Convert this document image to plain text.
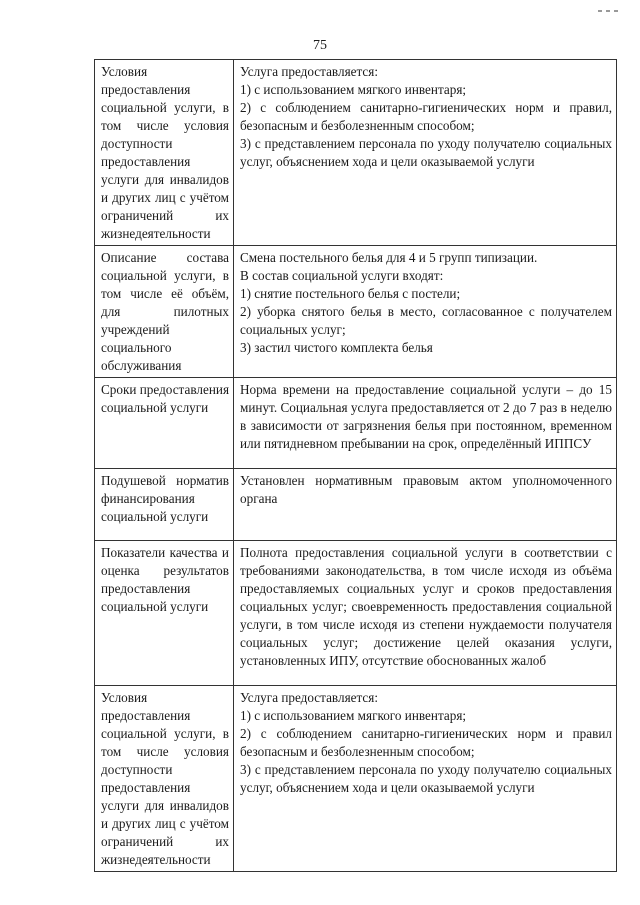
75
Условия предоставления социальной услуги, в том числе условия доступности предоставления услуги для инвалидов и других лиц с учётом ограничений их жизнедеятельности	Услуга предоставляется:
1) с использованием мягкого инвентаря;
2) с соблюдением санитарно-гигиенических норм и правил, безопасным и безболезненным способом;
3) с представлением персонала по уходу получателю социальных услуг, объяснением хода и цели оказываемой услуги

Описание состава социальной услуги, в том числе её объём, для пилотных учреждений социального обслуживания	Смена постельного белья для 4 и 5 групп типизации.
В состав социальной услуги входят:
1) снятие постельного белья с постели;
2) уборка снятого белья в место, согласованное с получателем социальных услуг;
3) застил чистого комплекта белья

Сроки предоставления социальной услуги	Норма времени на предоставление социальной услуги – до 15 минут. Социальная услуга предоставляется от 2 до 7 раз в неделю в зависимости от загрязнения белья при постоянном, временном или пятидневном пребывании на срок, определённый ИППСУ

Подушевой норматив финансирования социальной услуги	Установлен нормативным правовым актом уполномоченного органа

Показатели качества и оценка результатов предоставления социальной услуги	Полнота предоставления социальной услуги в соответствии с требованиями законодательства, в том числе исходя из объёма предоставляемых социальных услуг и сроков предоставления социальных услуг; своевременность предоставления социальной услуги, в том числе исходя из степени нуждаемости получателя социальных услуг; достижение целей оказания услуги, установленных ИПУ, отсутствие обоснованных жалоб

Условия предоставления социальной услуги, в том числе условия доступности предоставления услуги для инвалидов и других лиц с учётом ограничений их жизнедеятельности	Услуга предоставляется:
1) с использованием мягкого инвентаря;
2) с соблюдением санитарно-гигиенических норм и правил безопасным и безболезненным способом;
3) с представлением персонала по уходу получателю социальных услуг, объяснением хода и цели оказываемой услуги
